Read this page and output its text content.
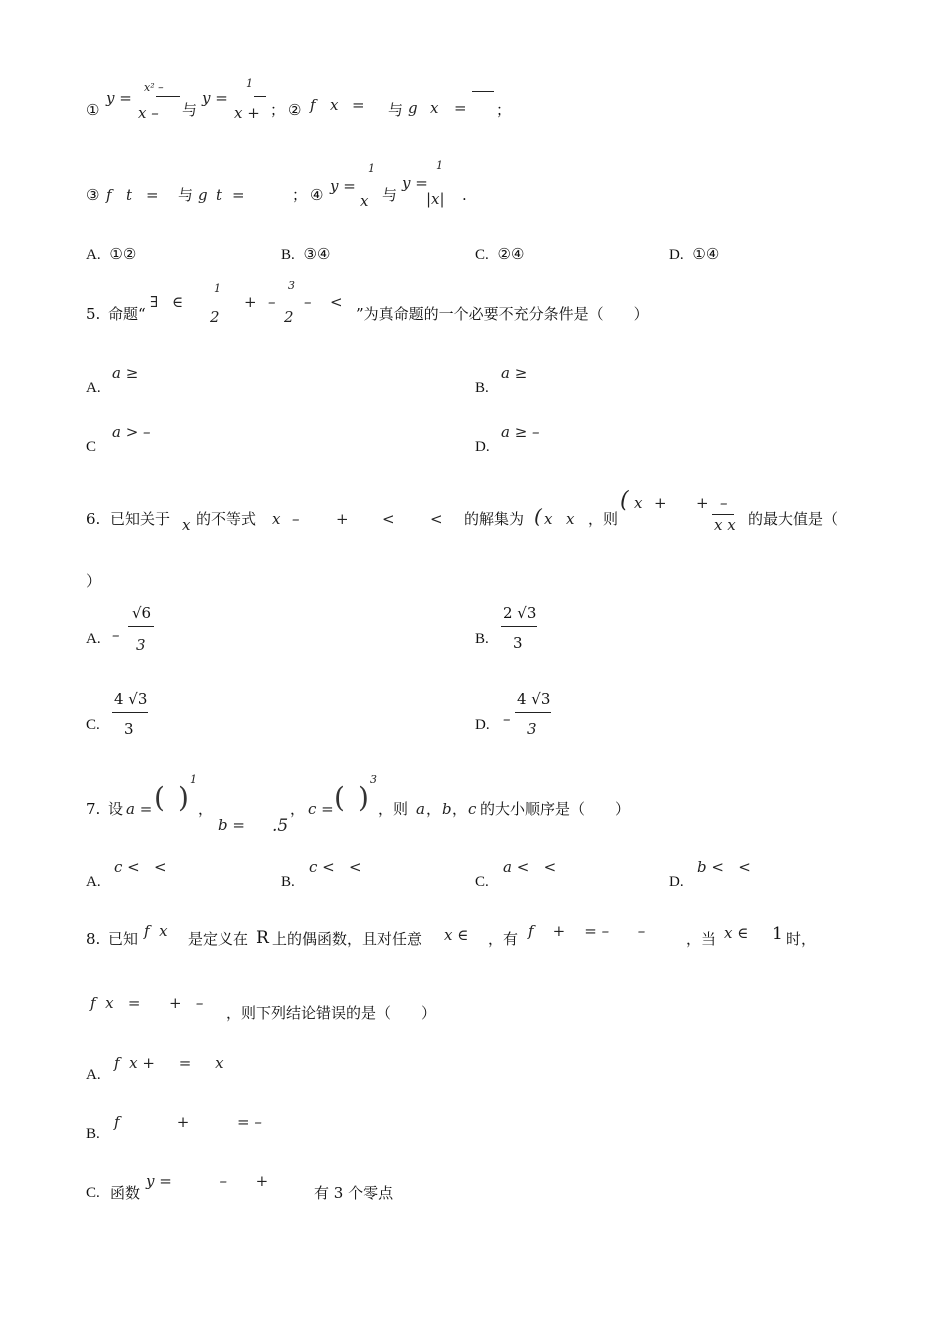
①
y =
x² –
x – 与
y =
1
x + ； ② f x = 与 g x = ；
③ f t = 与 g t =	； ④ y =
1
x 与
y =
1
|x| .
A. ①②	B. ③④	C. ②④	D. ①④
5. 命题“
∃ ∈
1
2
+ –
3
2
– <
”为真命题的一个必要不充分条件是（　　）
A.
a ≥
B.
a ≥
C
a > –
D.
a ≥ –
6. 已知关于 x 的不等式 x – + < < 的解集为 ( x x ，则
( x + + –
x x 的最大值是（
）
A. –
√6
3	B.
2 √3
3
C.
4 √3
3	D. –
4 √3
3
7. 设 a = ( )
1
，
b = .5
， c = ( )
3
，则 a ， b ， c 的大小顺序是（　　）
A.
c <   <
B.
c <   <
C.
a <   <
D.
b <   <
8. 已知 f  x 是定义在 R 上的偶函数，且对任意 x ∈ ，有 f    +    = –      –	，当 x ∈ 1 时，
f  x   =      +   –
，则下列结论错误的是（　　）
A.
f  x +     =     x
B.
f            +          = –
C. 函数
y =          –      +
有 3 个零点
